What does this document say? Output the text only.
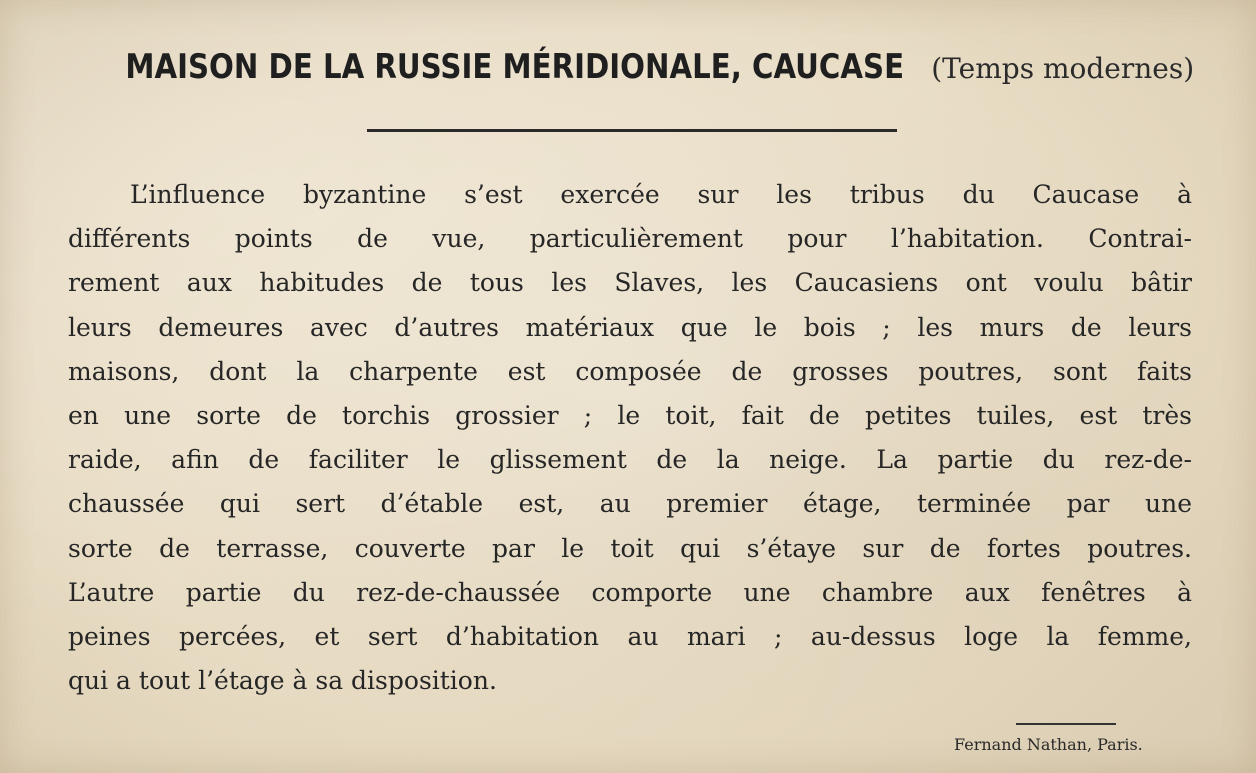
MAISON DE LA RUSSIE MÉRIDIONALE, CAUCASE (Temps modernes)
L’influence byzantine s’est exercée sur les tribus du Caucase à
différents points de vue, particulièrement pour l’habitation. Contrai-
rement aux habitudes de tous les Slaves, les Caucasiens ont voulu bâtir
leurs demeures avec d’autres matériaux que le bois ; les murs de leurs
maisons, dont la charpente est composée de grosses poutres, sont faits
en une sorte de torchis grossier ; le toit, fait de petites tuiles, est très
raide, afin de faciliter le glissement de la neige. La partie du rez-de-
chaussée qui sert d’étable est, au premier étage, terminée par une
sorte de terrasse, couverte par le toit qui s’étaye sur de fortes poutres.
L’autre partie du rez-de-chaussée comporte une chambre aux fenêtres à
peines percées, et sert d’habitation au mari ; au-dessus loge la femme,
qui a tout l’étage à sa disposition.
Fernand Nathan, Paris.
